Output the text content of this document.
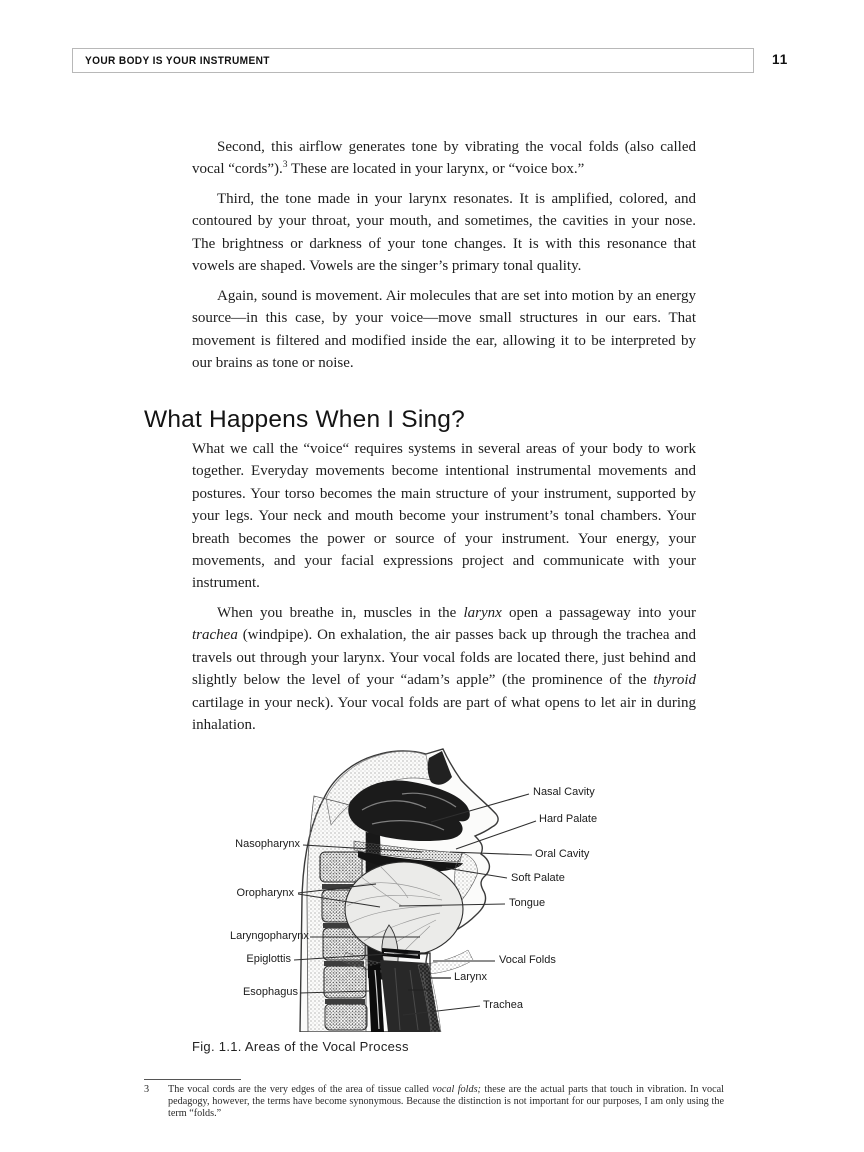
YOUR BODY IS YOUR INSTRUMENT	11
Second, this airflow generates tone by vibrating the vocal folds (also called vocal “cords”).$^3$ These are located in your larynx, or “voice box.”
Third, the tone made in your larynx resonates. It is amplified, colored, and contoured by your throat, your mouth, and sometimes, the cavities in your nose. The brightness or darkness of your tone changes. It is with this resonance that vowels are shaped. Vowels are the singer’s primary tonal quality.
Again, sound is movement. Air molecules that are set into motion by an energy source—in this case, by your voice—move small structures in our ears. That movement is filtered and modified inside the ear, allowing it to be interpreted by our brains as tone or noise.
What Happens When I Sing?
What we call the “voice“ requires systems in several areas of your body to work together. Everyday movements become intentional instrumental movements and postures. Your torso becomes the main structure of your instrument, supported by your legs. Your neck and mouth become your instrument’s tonal chambers. Your breath becomes the power or source of your instrument. Your energy, your movements, and your facial expressions project and communicate with your instrument.
When you breathe in, muscles in the larynx open a passageway into your trachea (windpipe). On exhalation, the air passes back up through the trachea and travels out through your larynx. Your vocal folds are located there, just behind and slightly below the level of your “adam’s apple” (the prominence of the thyroid cartilage in your neck). Your vocal folds are part of what opens to let air in during inhalation.
Nasopharynx
Oropharynx
Laryngopharynx
Epiglottis
Esophagus
Nasal Cavity
Hard Palate
Oral Cavity
Soft Palate
Tongue
Vocal Folds
Larynx
Trachea
Fig. 1.1. Areas of the Vocal Process
3 The vocal cords are the very edges of the area of tissue called vocal folds; these are the actual parts that touch in vibration. In vocal pedagogy, however, the terms have become synonymous. Because the distinction is not important for our purposes, I am only using the term “folds.”
